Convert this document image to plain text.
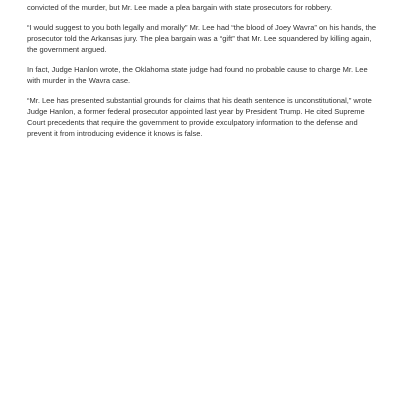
convicted of the murder, but Mr. Lee made a plea bargain with state prosecutors for robbery.

“I would suggest to you both legally and morally” Mr. Lee had “the blood of Joey Wavra” on his hands, the prosecutor told the Arkansas jury. The plea bargain was a “gift” that Mr. Lee squandered by killing again, the government argued.

In fact, Judge Hanlon wrote, the Oklahoma state judge had found no probable cause to charge Mr. Lee with murder in the Wavra case.

“Mr. Lee has presented substantial grounds for claims that his death sentence is unconstitutional,” wrote Judge Hanlon, a former federal prosecutor appointed last year by President Trump. He cited Supreme Court precedents that require the government to provide exculpatory information to the defense and prevent it from introducing evidence it knows is false.
